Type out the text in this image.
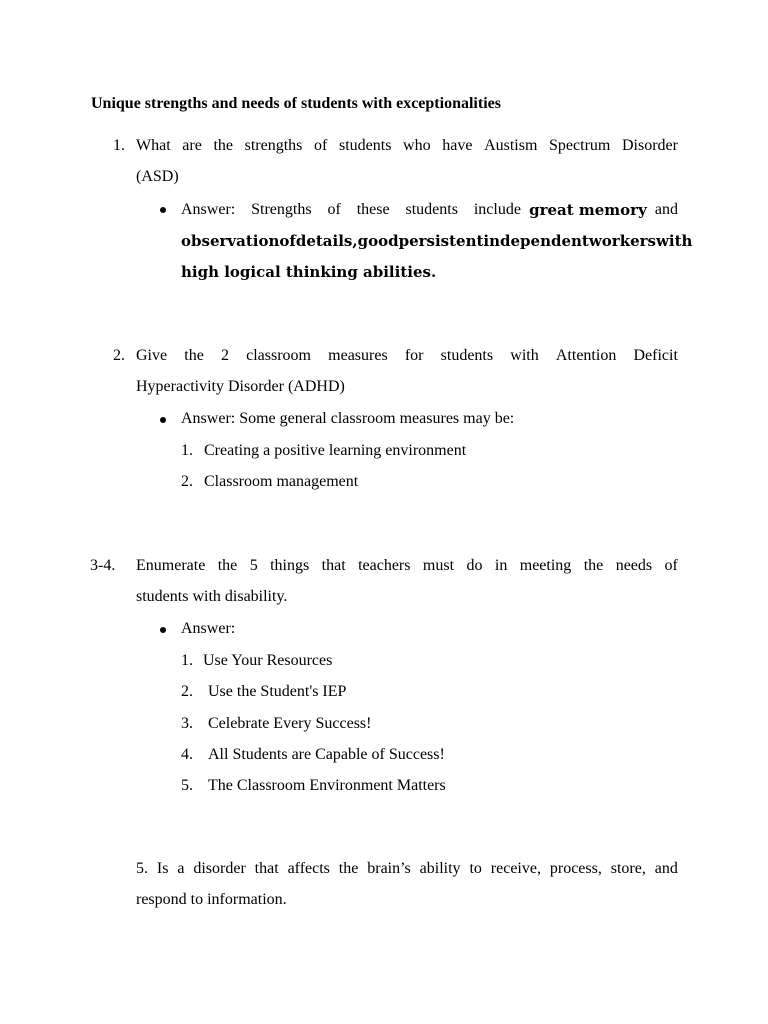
Unique strengths and needs of students with exceptionalities
1. What are the strengths of students who have Austism Spectrum Disorder
(ASD)
Answer: Strengths of these students include great memory and
observation of details, good persistent independent workers with
high logical thinking abilities.
2. Give the 2 classroom measures for students with Attention Deficit
Hyperactivity Disorder (ADHD)
Answer: Some general classroom measures may be:
1. Creating a positive learning environment
2. Classroom management
3-4. Enumerate the 5 things that teachers must do in meeting the needs of
students with disability.
Answer:
1. Use Your Resources
2. Use the Student's IEP
3. Celebrate Every Success!
4. All Students are Capable of Success!
5. The Classroom Environment Matters
5. Is a disorder that affects the brain’s ability to receive, process, store, and
respond to information.
